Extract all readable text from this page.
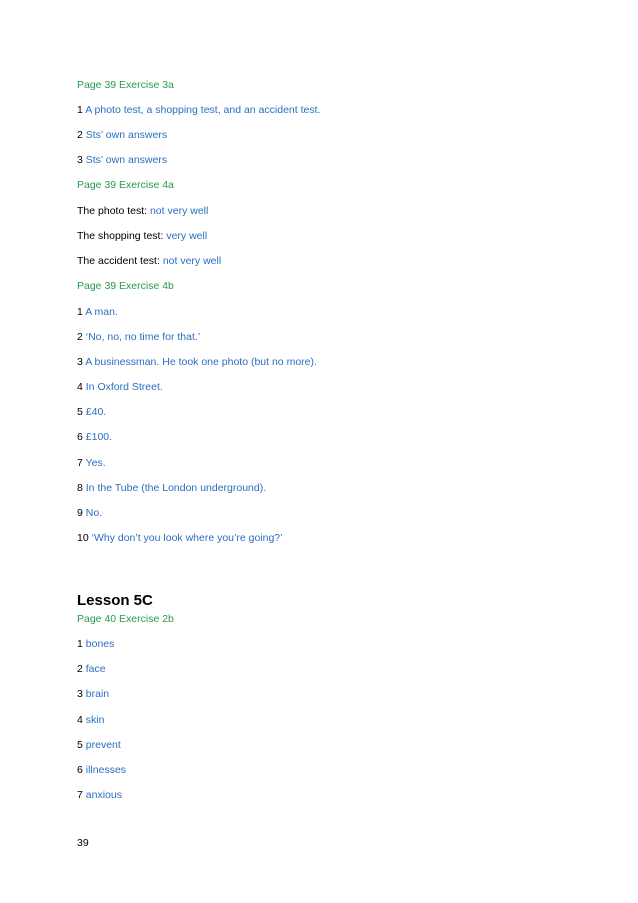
Page 39 Exercise 3a
1 A photo test, a shopping test, and an accident test.
2 Sts’ own answers
3 Sts’ own answers
Page 39 Exercise 4a
The photo test: not very well
The shopping test: very well
The accident test: not very well
Page 39 Exercise 4b
1 A man.
2 ‘No, no, no time for that.’
3 A businessman. He took one photo (but no more).
4 In Oxford Street.
5 £40.
6 £100.
7 Yes.
8 In the Tube (the London underground).
9 No.
10 ‘Why don’t you look where you’re going?’
Lesson 5C
Page 40 Exercise 2b
1 bones
2 face
3 brain
4 skin
5 prevent
6 illnesses
7 anxious
39
